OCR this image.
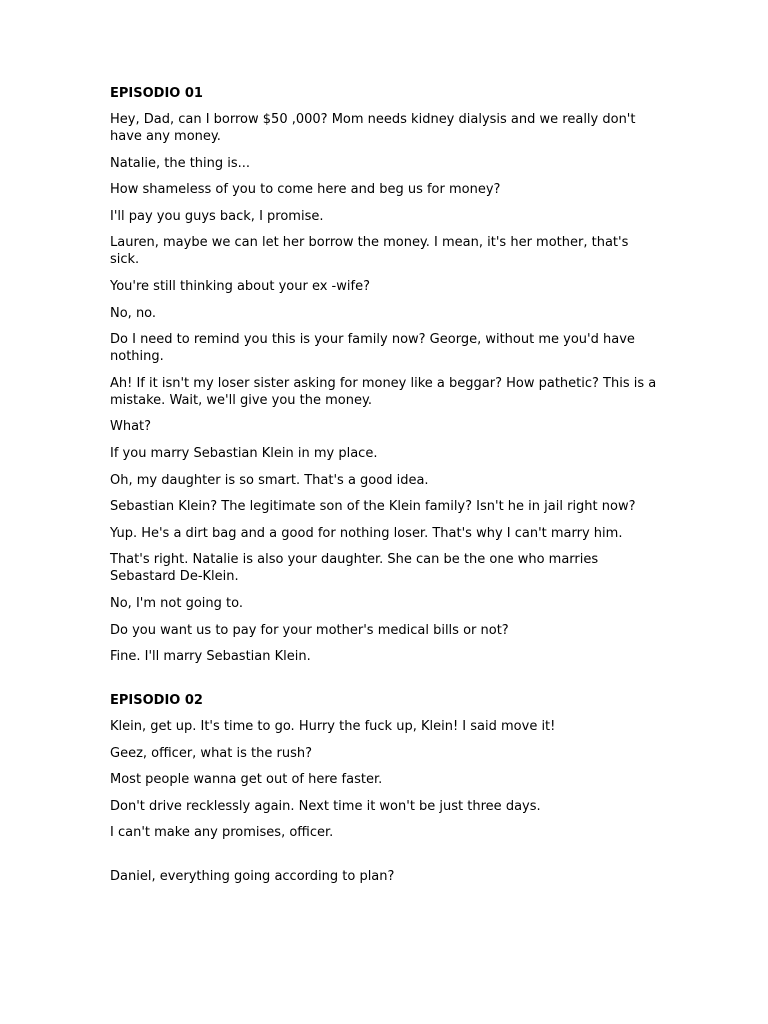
EPISODIO 01

Hey, Dad, can I borrow $50 ,000? Mom needs kidney dialysis and we really don't have any money.

Natalie, the thing is...

How shameless of you to come here and beg us for money?

I'll pay you guys back, I promise.

Lauren, maybe we can let her borrow the money. I mean, it's her mother, that's sick.

You're still thinking about your ex -wife?

No, no.

Do I need to remind you this is your family now? George, without me you'd have nothing.

Ah! If it isn't my loser sister asking for money like a beggar? How pathetic? This is a mistake. Wait, we'll give you the money.

What?

If you marry Sebastian Klein in my place.

Oh, my daughter is so smart. That's a good idea.

Sebastian Klein? The legitimate son of the Klein family? Isn't he in jail right now?

Yup. He's a dirt bag and a good for nothing loser. That's why I can't marry him.

That's right. Natalie is also your daughter. She can be the one who marries Sebastard De-Klein.

No, I'm not going to.

Do you want us to pay for your mother's medical bills or not?

Fine. I'll marry Sebastian Klein.

EPISODIO 02

Klein, get up. It's time to go. Hurry the fuck up, Klein! I said move it!

Geez, officer, what is the rush?

Most people wanna get out of here faster.

Don't drive recklessly again. Next time it won't be just three days.

I can't make any promises, officer.

Daniel, everything going according to plan?
